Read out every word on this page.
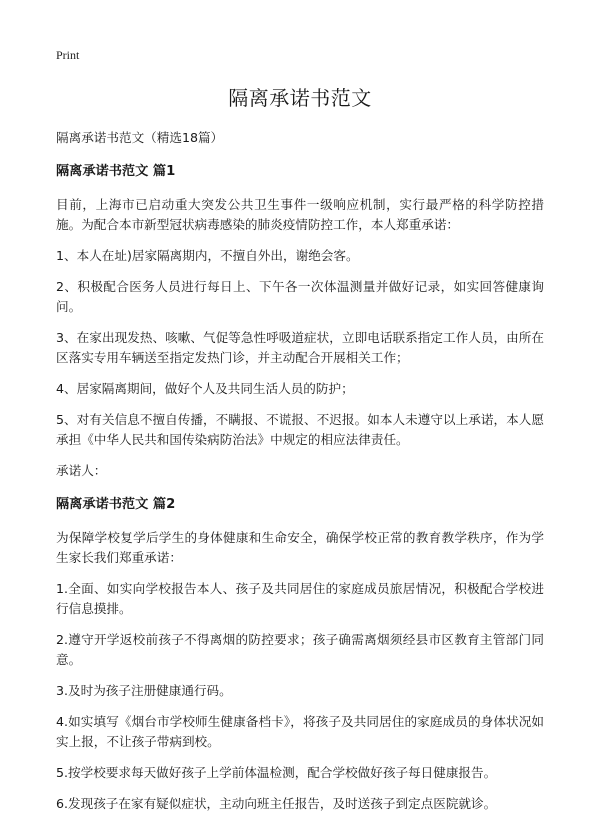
Print
隔离承诺书范文
隔离承诺书范文（精选18篇）
隔离承诺书范文 篇1
目前，上海市已启动重大突发公共卫生事件一级响应机制，实行最严格的科学防控措施。为配合本市新型冠状病毒感染的肺炎疫情防控工作，本人郑重承诺：
1、本人在址)居家隔离期内，不擅自外出，谢绝会客。
2、积极配合医务人员进行每日上、下午各一次体温测量并做好记录，如实回答健康询问。
3、在家出现发热、咳嗽、气促等急性呼吸道症状，立即电话联系指定工作人员，由所在区落实专用车辆送至指定发热门诊，并主动配合开展相关工作；
4、居家隔离期间，做好个人及共同生活人员的防护；
5、对有关信息不擅自传播，不瞒报、不谎报、不迟报。如本人未遵守以上承诺，本人愿承担《中华人民共和国传染病防治法》中规定的相应法律责任。
承诺人：
隔离承诺书范文 篇2
为保障学校复学后学生的身体健康和生命安全，确保学校正常的教育教学秩序，作为学生家长我们郑重承诺：
1.全面、如实向学校报告本人、孩子及共同居住的家庭成员旅居情况，积极配合学校进行信息摸排。
2.遵守开学返校前孩子不得离烟的防控要求；孩子确需离烟须经县市区教育主管部门同意。
3.及时为孩子注册健康通行码。
4.如实填写《烟台市学校师生健康备档卡》，将孩子及共同居住的家庭成员的身体状况如实上报，不让孩子带病到校。
5.按学校要求每天做好孩子上学前体温检测，配合学校做好孩子每日健康报告。
6.发现孩子在家有疑似症状，主动向班主任报告，及时送孩子到定点医院就诊。
